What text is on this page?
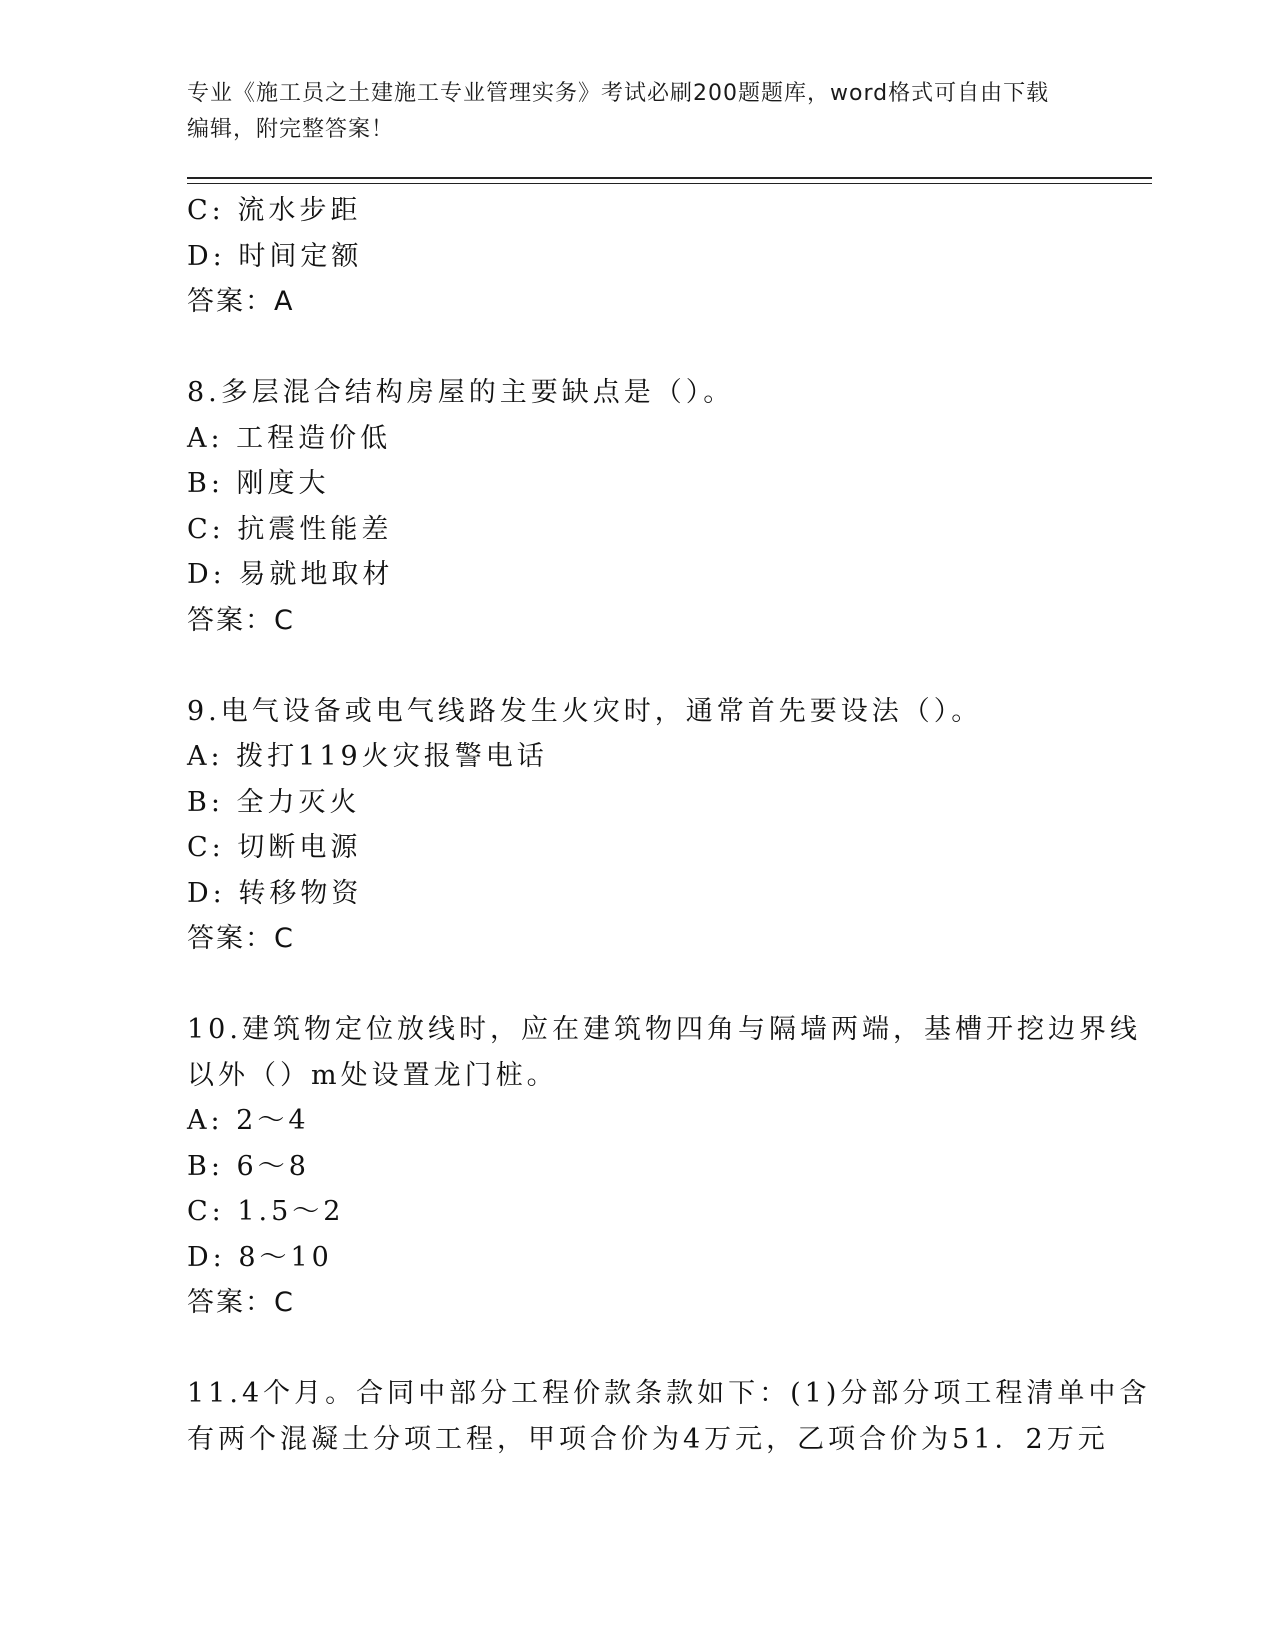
专业《施工员之土建施工专业管理实务》考试必刷200题题库，word格式可自由下载编辑，附完整答案！
C: 流水步距
D: 时间定额
答案：A
8.多层混合结构房屋的主要缺点是（）。
A: 工程造价低
B: 刚度大
C: 抗震性能差
D: 易就地取材
答案：C
9.电气设备或电气线路发生火灾时，通常首先要设法（）。
A: 拨打119火灾报警电话
B: 全力灭火
C: 切断电源
D: 转移物资
答案：C
10.建筑物定位放线时，应在建筑物四角与隔墙两端，基槽开挖边界线
以外（）m处设置龙门桩。
A: 2～4
B: 6～8
C: 1.5～2
D: 8～10
答案：C
11.4个月。合同中部分工程价款条款如下：(1)分部分项工程清单中含
有两个混凝土分项工程，甲项合价为4万元，乙项合价为51．2万元
